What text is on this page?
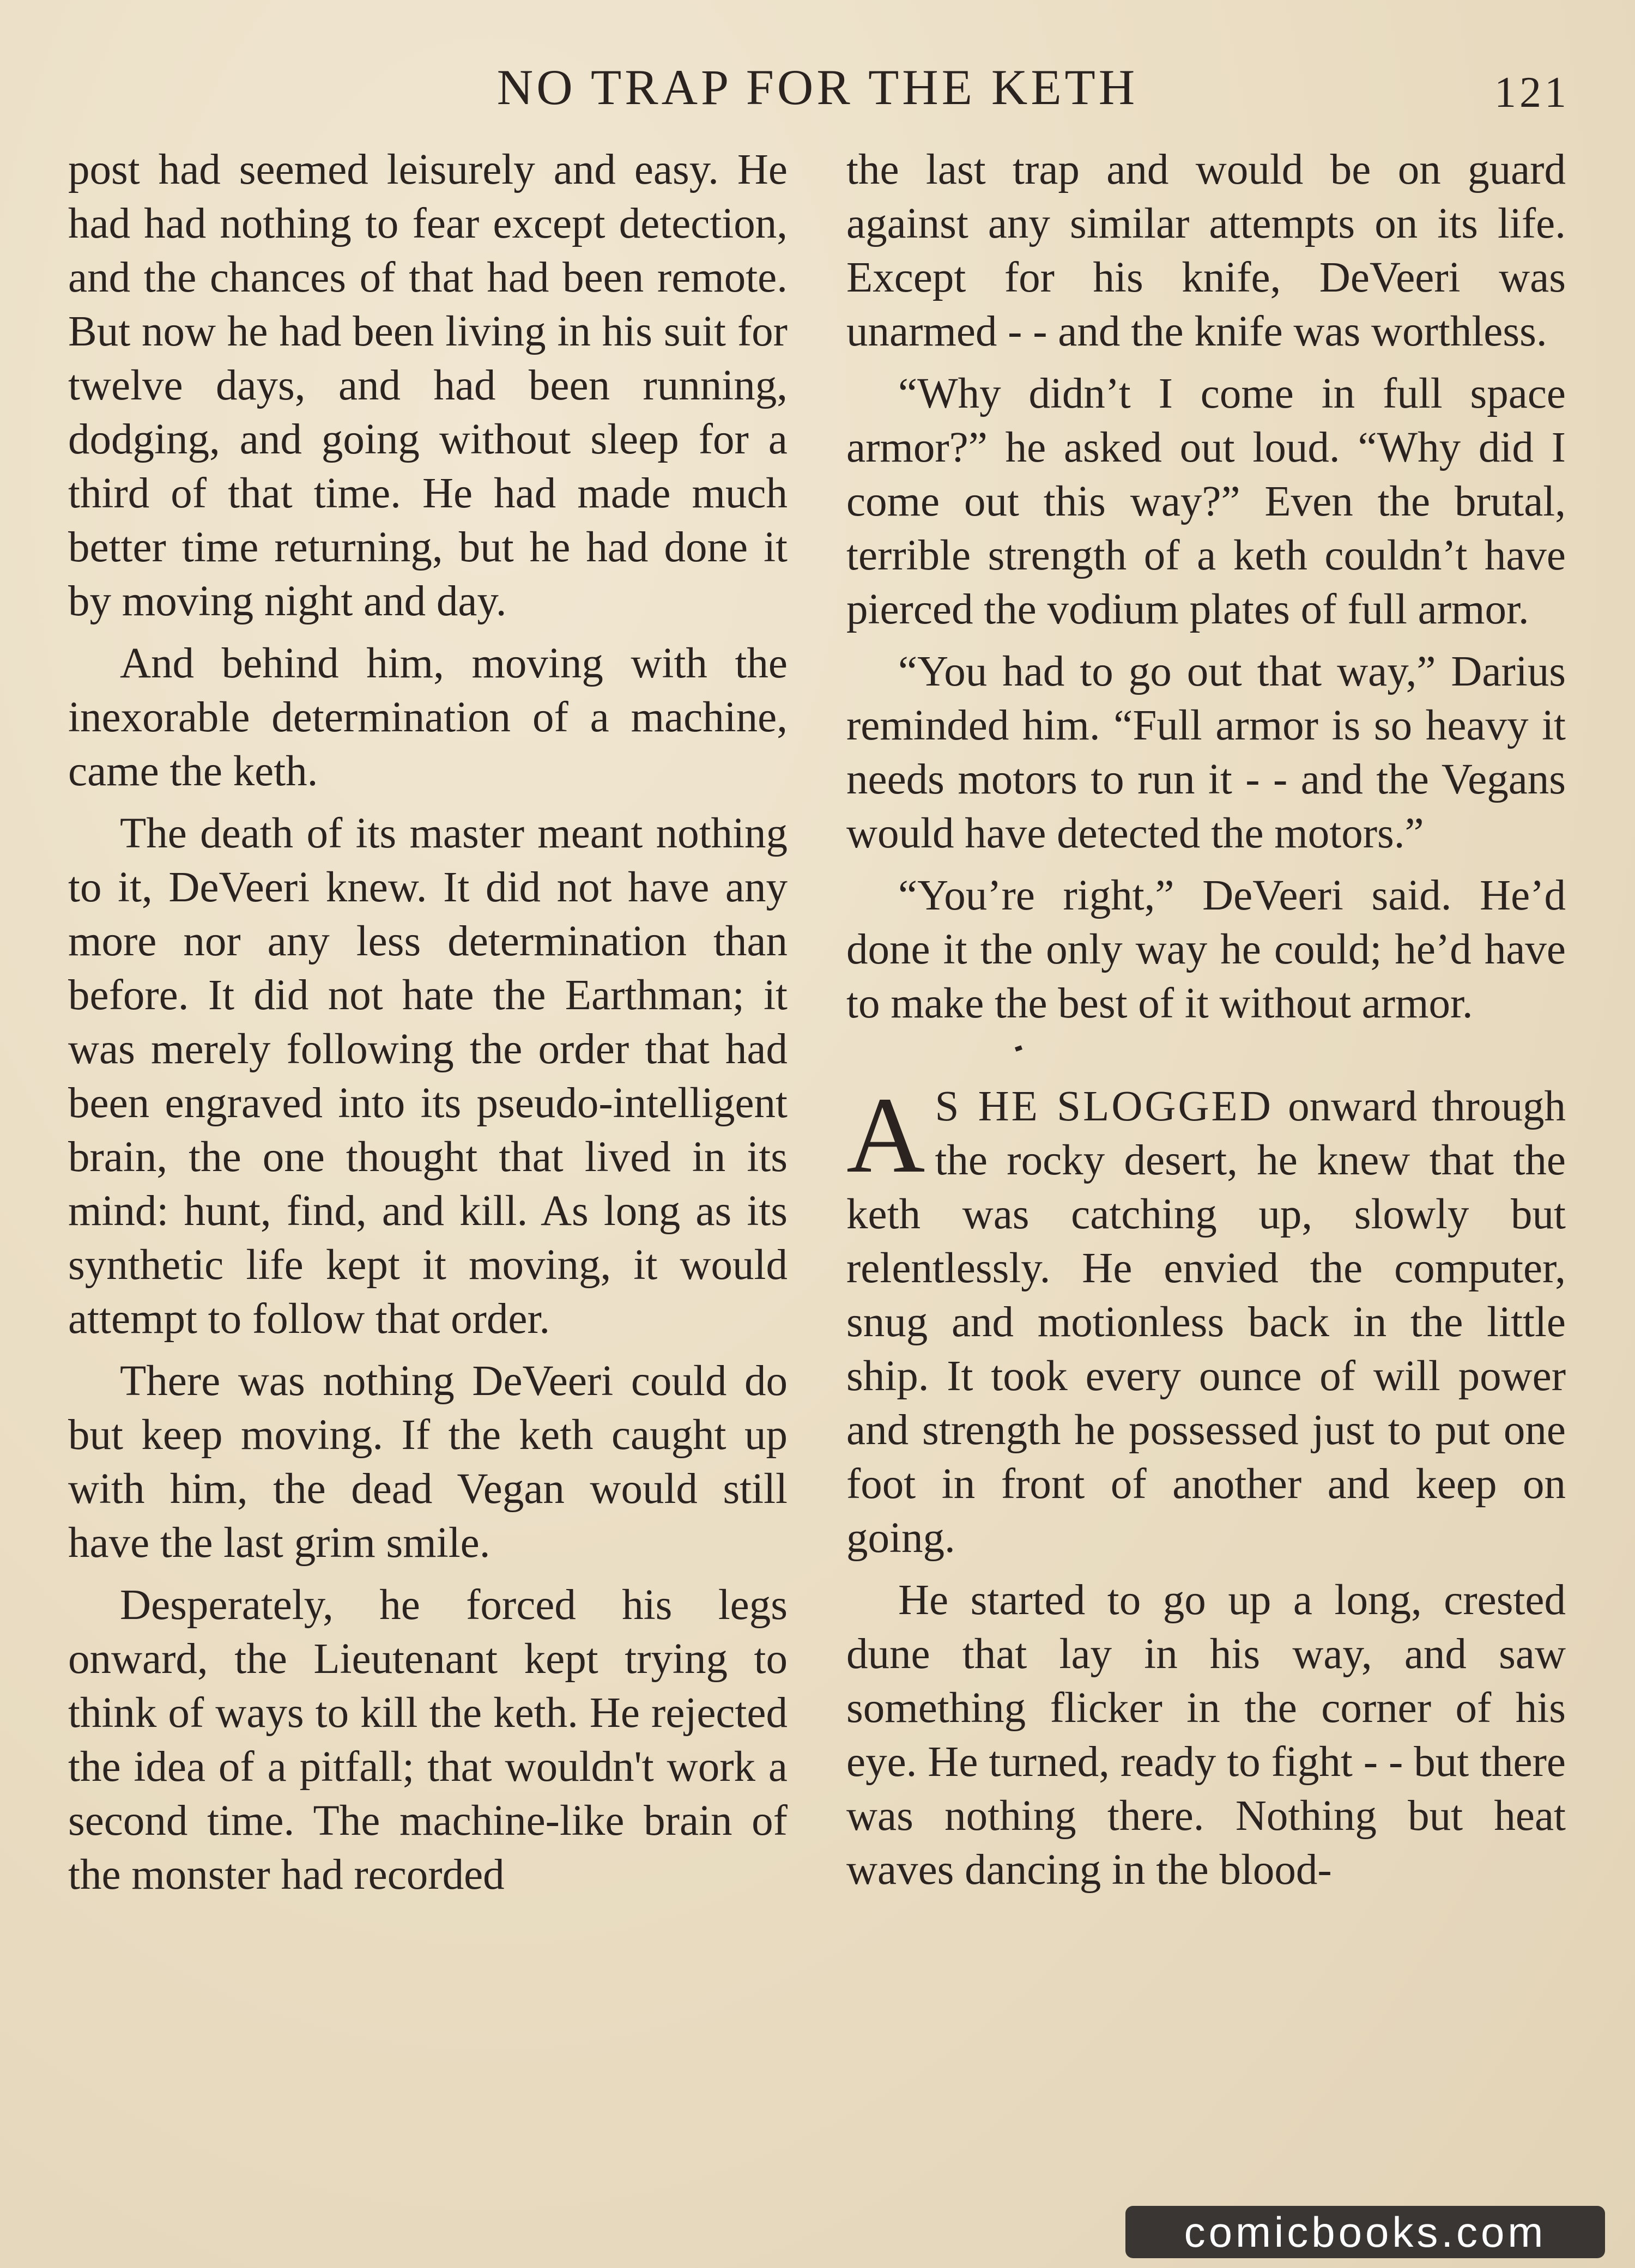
NO TRAP FOR THE KETH	121

post had seemed leisurely and easy. He had had nothing to fear except detection, and the chances of that had been remote. But now he had been living in his suit for twelve days, and had been running, dodging, and going without sleep for a third of that time. He had made much better time returning, but he had done it by moving night and day.

And behind him, moving with the inexorable determination of a machine, came the keth.

The death of its master meant nothing to it, DeVeeri knew. It did not have any more nor any less determination than before. It did not hate the Earthman; it was merely following the order that had been engraved into its pseudo-intelligent brain, the one thought that lived in its mind: hunt, find, and kill. As long as its synthetic life kept it moving, it would attempt to follow that order.

There was nothing DeVeeri could do but keep moving. If the keth caught up with him, the dead Vegan would still have the last grim smile.

Desperately, he forced his legs onward, the Lieutenant kept trying to think of ways to kill the keth. He rejected the idea of a pitfall; that wouldn't work a second time. The machine-like brain of the monster had recorded

the last trap and would be on guard against any similar attempts on its life. Except for his knife, DeVeeri was unarmed - - and the knife was worthless.

“Why didn’t I come in full space armor?” he asked out loud. “Why did I come out this way?” Even the brutal, terrible strength of a keth couldn’t have pierced the vodium plates of full armor.

“You had to go out that way,” Darius reminded him. “Full armor is so heavy it needs motors to run it - - and the Vegans would have detected the motors.”

“You’re right,” DeVeeri said. He’d done it the only way he could; he’d have to make the best of it without armor.

A S HE SLOGGED onward through the rocky desert, he knew that the keth was catching up, slowly but relentlessly. He envied the computer, snug and motionless back in the little ship. It took every ounce of will power and strength he possessed just to put one foot in front of another and keep on going.

He started to go up a long, crested dune that lay in his way, and saw something flicker in the corner of his eye. He turned, ready to fight - - but there was nothing there. Nothing but heat waves dancing in the blood-

comicbooks.com
